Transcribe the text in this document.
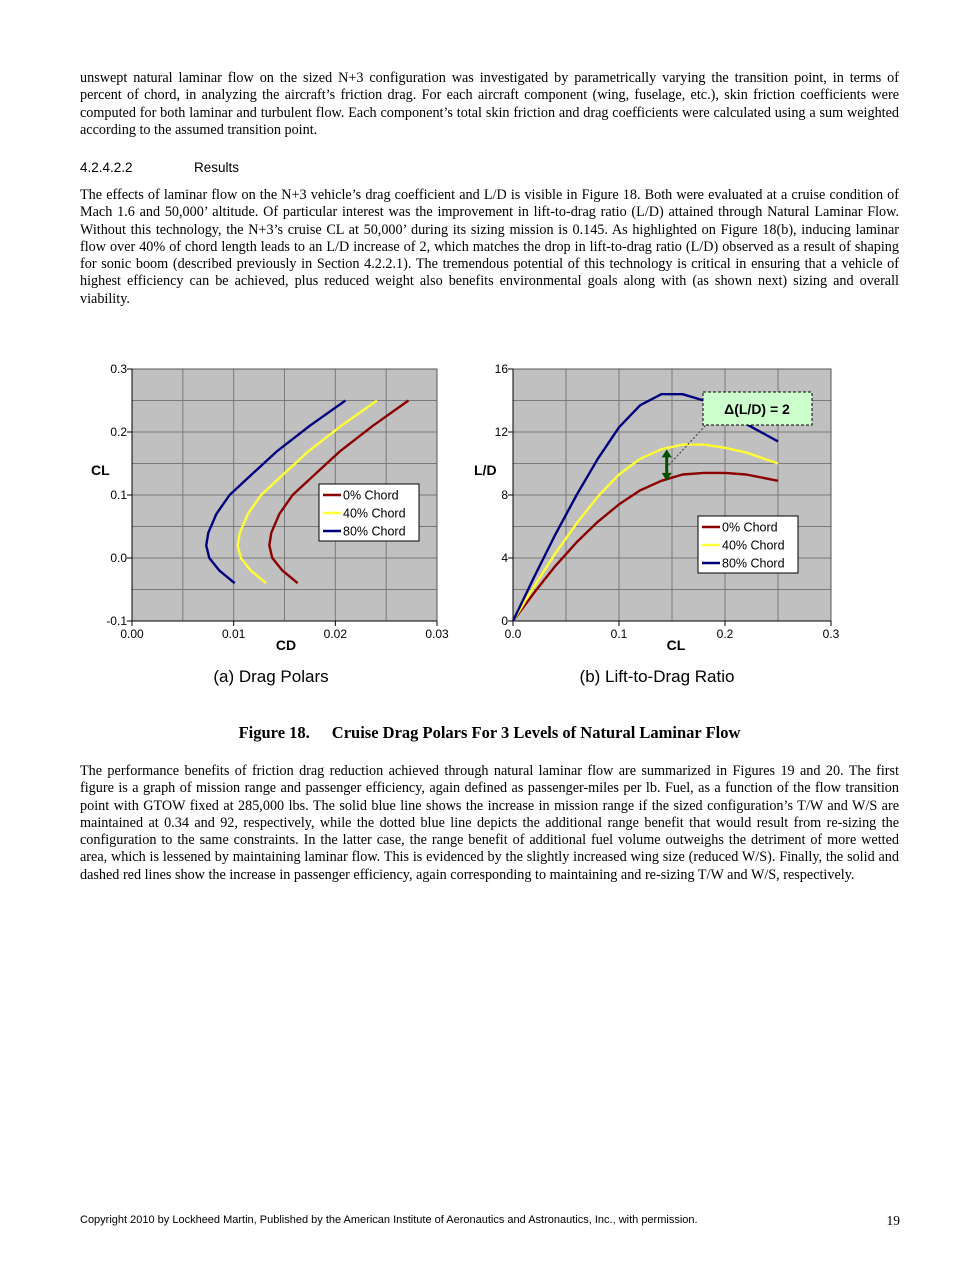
unswept natural laminar flow on the sized N+3 configuration was investigated by parametrically varying the transition point, in terms of percent of chord, in analyzing the aircraft’s friction drag. For each aircraft component (wing, fuselage, etc.), skin friction coefficients were computed for both laminar and turbulent flow. Each component’s total skin friction and drag coefficients were calculated using a sum weighted according to the assumed transition point.

4.2.4.2.2	Results

The effects of laminar flow on the N+3 vehicle’s drag coefficient and L/D is visible in Figure 18. Both were evaluated at a cruise condition of Mach 1.6 and 50,000’ altitude. Of particular interest was the improvement in lift-to-drag ratio (L/D) attained through Natural Laminar Flow. Without this technology, the N+3’s cruise CL at 50,000’ during its sizing mission is 0.145. As highlighted on Figure 18(b), inducing laminar flow over 40% of chord length leads to an L/D increase of 2, which matches the drop in lift-to-drag ratio (L/D) observed as a result of shaping for sonic boom (described previously in Section 4.2.2.1). The tremendous potential of this technology is critical in ensuring that a vehicle of highest efficiency can be achieved, plus reduced weight also benefits environmental goals along with (as shown next) sizing and overall viability.

-0.1
0.0
0.1
0.2
0.3
0.00	0.01	0.02	0.03
CL
CD
(a) Drag Polars
0% Chord
40% Chord
80% Chord
0
4
8
12
16
0.0	0.1	0.2	0.3
L/D
CL
(b) Lift-to-Drag Ratio
0% Chord
40% Chord
80% Chord
Δ(L/D) = 2
Figure 18. Cruise Drag Polars For 3 Levels of Natural Laminar Flow

The performance benefits of friction drag reduction achieved through natural laminar flow are summarized in Figures 19 and 20. The first figure is a graph of mission range and passenger efficiency, again defined as passenger-miles per lb. Fuel, as a function of the flow transition point with GTOW fixed at 285,000 lbs. The solid blue line shows the increase in mission range if the sized configuration’s T/W and W/S are maintained at 0.34 and 92, respectively, while the dotted blue line depicts the additional range benefit that would result from re-sizing the configuration to the same constraints. In the latter case, the range benefit of additional fuel volume outweighs the detriment of more wetted area, which is lessened by maintaining laminar flow. This is evidenced by the slightly increased wing size (reduced W/S). Finally, the solid and dashed red lines show the increase in passenger efficiency, again corresponding to maintaining and re-sizing T/W and W/S, respectively.

Copyright 2010 by Lockheed Martin, Published by the American Institute of Aeronautics and Astronautics, Inc., with permission.	19
